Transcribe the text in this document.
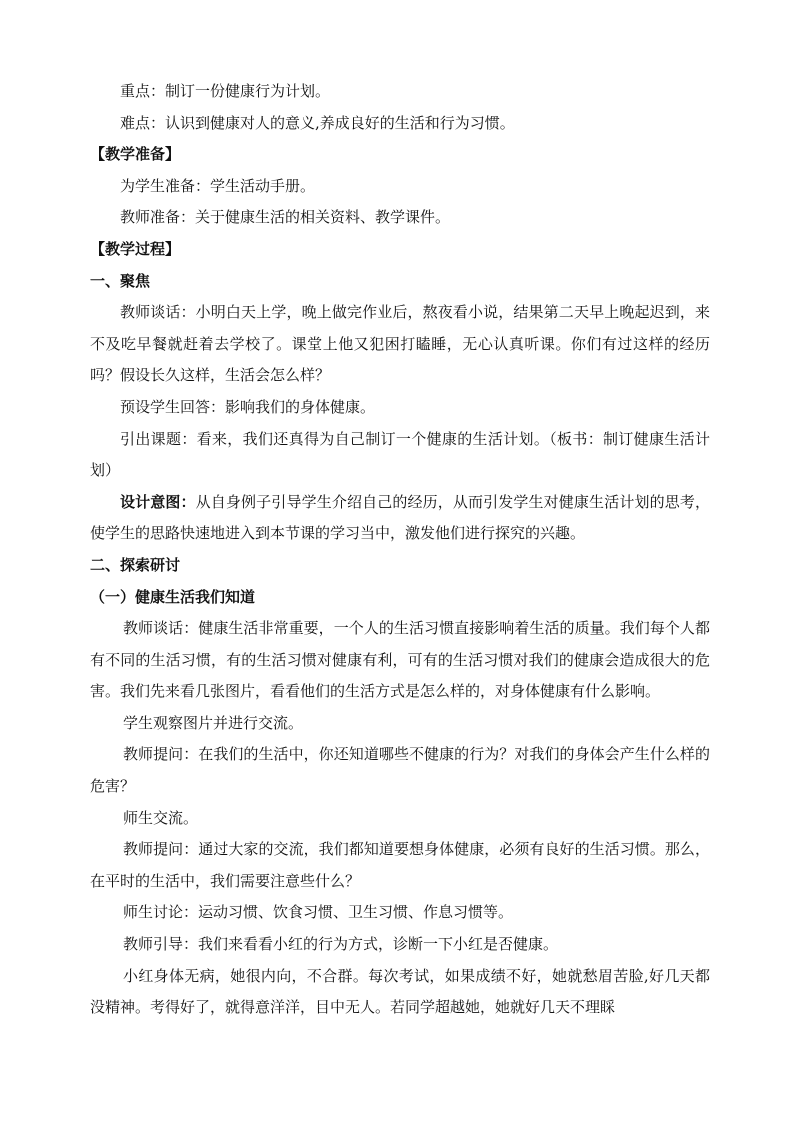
重点：制订一份健康行为计划。

难点：认识到健康对人的意义,养成良好的生活和行为习惯。

【教学准备】

为学生准备：学生活动手册。

教师准备：关于健康生活的相关资料、教学课件。

【教学过程】

一、聚焦

教师谈话：小明白天上学，晚上做完作业后，熬夜看小说，结果第二天早上晚起迟到，来不及吃早餐就赶着去学校了。课堂上他又犯困打瞌睡，无心认真听课。你们有过这样的经历吗？假设长久这样，生活会怎么样？

预设学生回答：影响我们的身体健康。

引出课题：看来，我们还真得为自己制订一个健康的生活计划。（板书：制订健康生活计划）

设计意图：从自身例子引导学生介绍自己的经历，从而引发学生对健康生活计划的思考，使学生的思路快速地进入到本节课的学习当中，激发他们进行探究的兴趣。

二、探索研讨

（一）健康生活我们知道

教师谈话：健康生活非常重要，一个人的生活习惯直接影响着生活的质量。我们每个人都有不同的生活习惯，有的生活习惯对健康有利，可有的生活习惯对我们的健康会造成很大的危害。我们先来看几张图片，看看他们的生活方式是怎么样的，对身体健康有什么影响。

学生观察图片并进行交流。

教师提问：在我们的生活中，你还知道哪些不健康的行为？对我们的身体会产生什么样的危害？

师生交流。

教师提问：通过大家的交流，我们都知道要想身体健康，必须有良好的生活习惯。那么，在平时的生活中，我们需要注意些什么？

师生讨论：运动习惯、饮食习惯、卫生习惯、作息习惯等。

教师引导：我们来看看小红的行为方式，诊断一下小红是否健康。

小红身体无病，她很内向，不合群。每次考试，如果成绩不好，她就愁眉苦脸,好几天都没精神。考得好了，就得意洋洋，目中无人。若同学超越她，她就好几天不理睬
